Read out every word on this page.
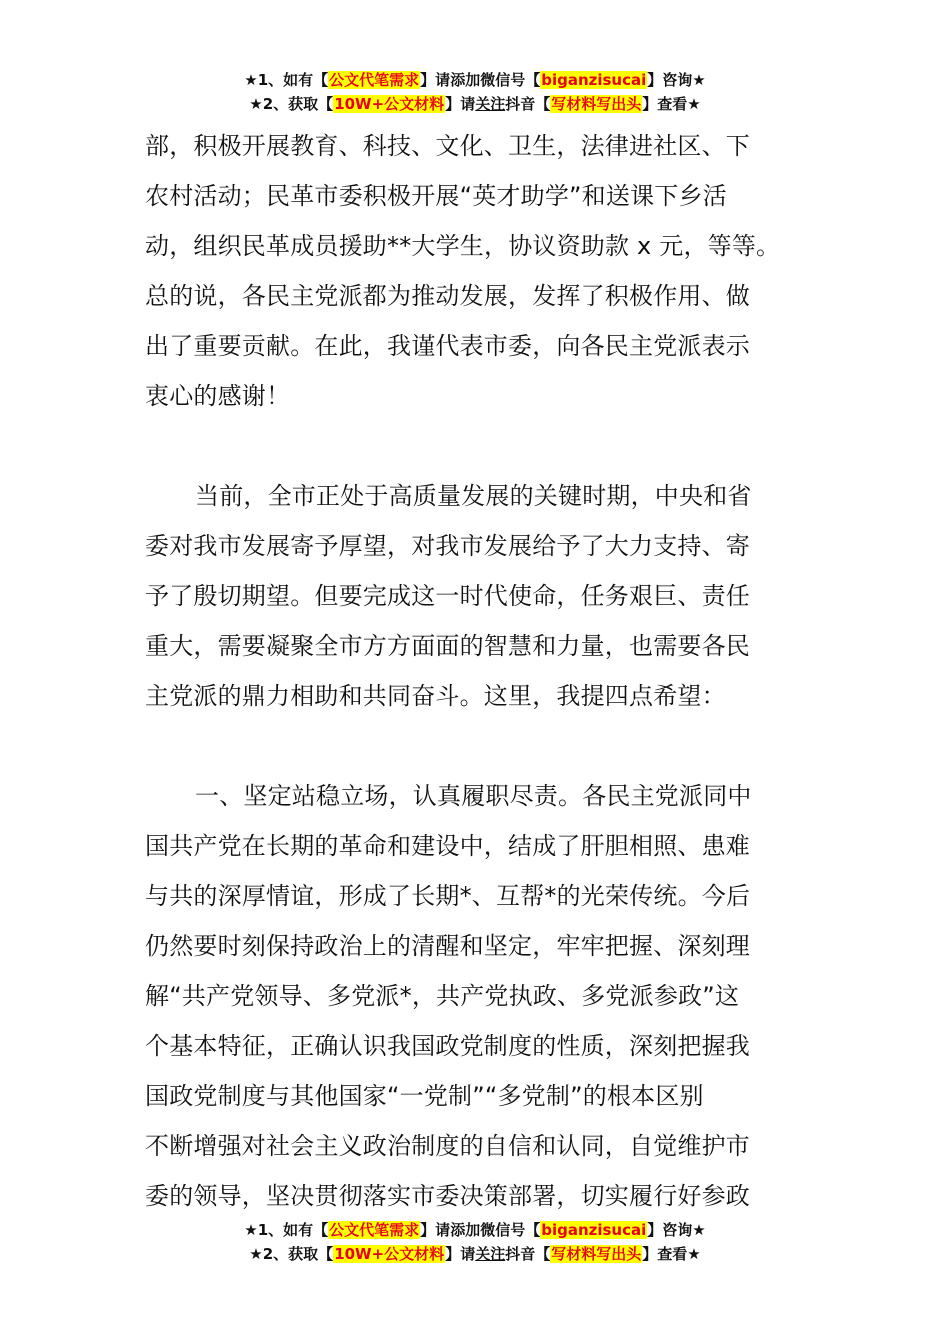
★1、如有【公文代笔需求】请添加微信号【biganzisucai】咨询★
★2、获取【10W+公文材料】请关注抖音【写材料写出头】查看★

部，积极开展教育、科技、文化、卫生，法律进社区、下

农村活动；民革市委积极开展“英才助学”和送课下乡活

动，组织民革成员援助**大学生，协议资助款 x 元，等等。

总的说，各民主党派都为推动发展，发挥了积极作用、做

出了重要贡献。在此，我谨代表市委，向各民主党派表示

衷心的感谢！

当前，全市正处于高质量发展的关键时期，中央和省

委对我市发展寄予厚望，对我市发展给予了大力支持、寄

予了殷切期望。但要完成这一时代使命，任务艰巨、责任

重大，需要凝聚全市方方面面的智慧和力量，也需要各民

主党派的鼎力相助和共同奋斗。这里，我提四点希望：

一、坚定站稳立场，认真履职尽责。各民主党派同中

国共产党在长期的革命和建设中，结成了肝胆相照、患难

与共的深厚情谊，形成了长期*、互帮*的光荣传统。今后

仍然要时刻保持政治上的清醒和坚定，牢牢把握、深刻理

解“共产党领导、多党派*，共产党执政、多党派参政”这

个基本特征，正确认识我国政党制度的性质，深刻把握我

国政党制度与其他国家“一党制”“多党制”的根本区别

不断增强对社会主义政治制度的自信和认同，自觉维护市

委的领导，坚决贯彻落实市委决策部署，切实履行好参政

★1、如有【公文代笔需求】请添加微信号【biganzisucai】咨询★
★2、获取【10W+公文材料】请关注抖音【写材料写出头】查看★
